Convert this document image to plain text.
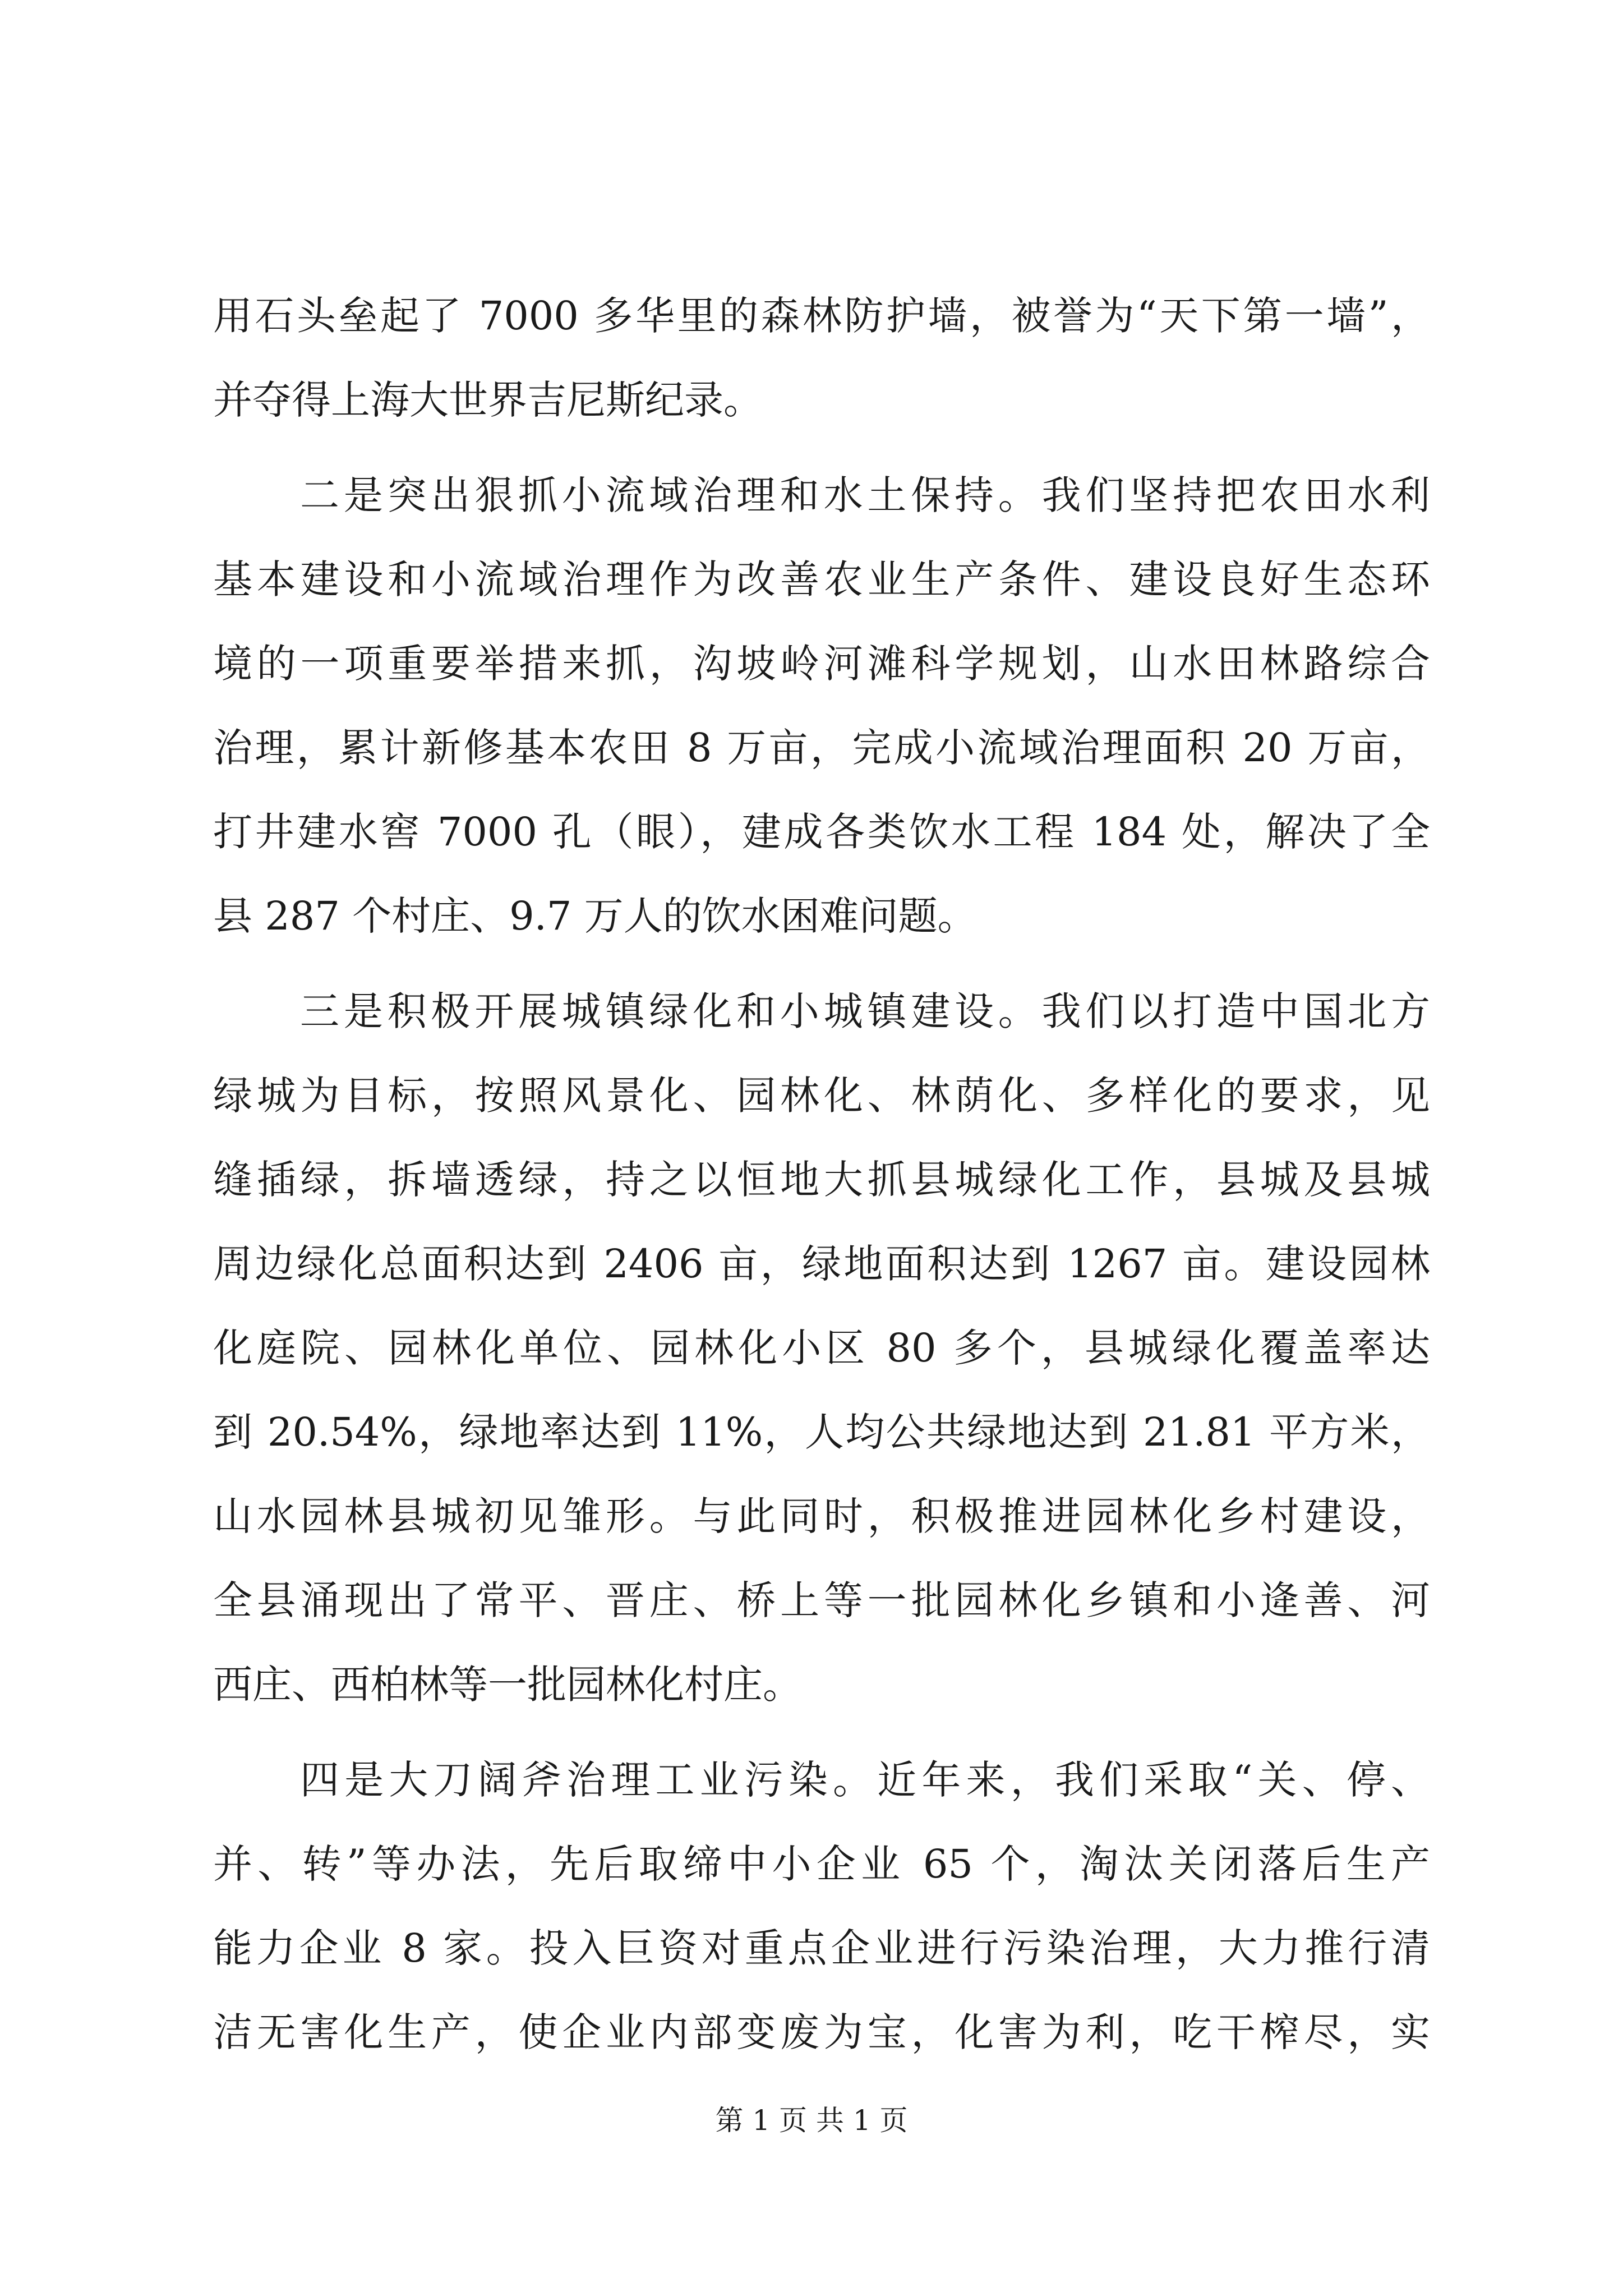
用石头垒起了 7000 多华里的森林防护墙，被誉为“天下第一墙”，
并夺得上海大世界吉尼斯纪录。
二是突出狠抓小流域治理和水土保持。我们坚持把农田水利
基本建设和小流域治理作为改善农业生产条件、建设良好生态环
境的一项重要举措来抓，沟坡岭河滩科学规划，山水田林路综合
治理，累计新修基本农田 8 万亩，完成小流域治理面积 20 万亩，
打井建水窖 7000 孔（眼），建成各类饮水工程 184 处，解决了全
县 287 个村庄、9.7 万人的饮水困难问题。
三是积极开展城镇绿化和小城镇建设。我们以打造中国北方
绿城为目标，按照风景化、园林化、林荫化、多样化的要求，见
缝插绿，拆墙透绿，持之以恒地大抓县城绿化工作，县城及县城
周边绿化总面积达到 2406 亩，绿地面积达到 1267 亩。建设园林
化庭院、园林化单位、园林化小区 80 多个，县城绿化覆盖率达
到 20.54%，绿地率达到 11%，人均公共绿地达到 21.81 平方米，
山水园林县城初见雏形。与此同时，积极推进园林化乡村建设，
全县涌现出了常平、晋庄、桥上等一批园林化乡镇和小逄善、河
西庄、西柏林等一批园林化村庄。
四是大刀阔斧治理工业污染。近年来，我们采取“关、停、
并、转”等办法，先后取缔中小企业 65 个，淘汰关闭落后生产
能力企业 8 家。投入巨资对重点企业进行污染治理，大力推行清
洁无害化生产，使企业内部变废为宝，化害为利，吃干榨尽，实
第 1 页 共 1 页
